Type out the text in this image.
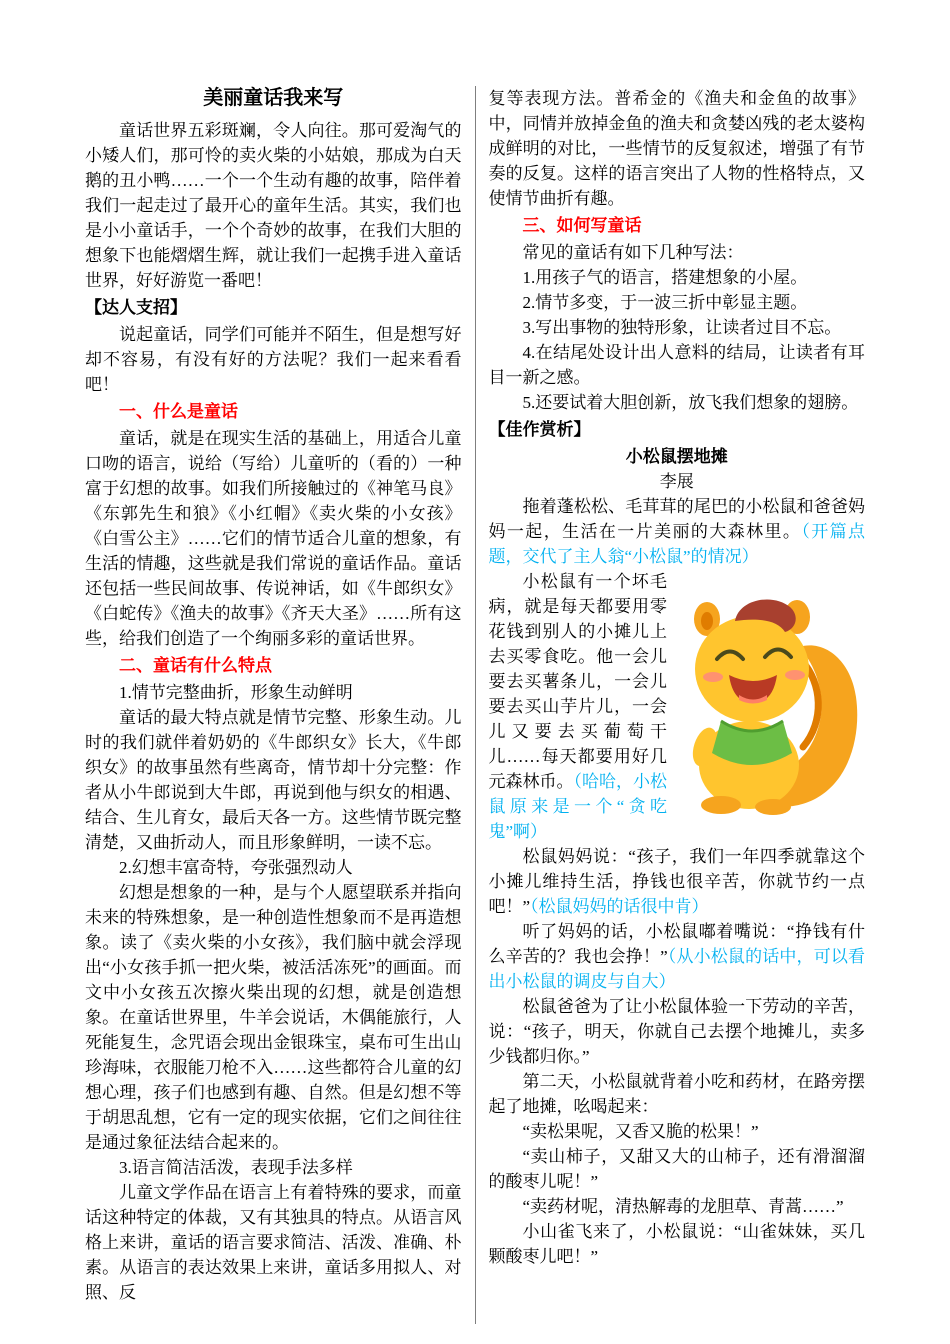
美丽童话我来写

童话世界五彩斑斓，令人向往。那可爱淘气的小矮人们，那可怜的卖火柴的小姑娘，那成为白天鹅的丑小鸭……一个一个生动有趣的故事，陪伴着我们一起走过了最开心的童年生活。其实，我们也是小小童话手，一个个奇妙的故事，在我们大胆的想象下也能熠熠生辉，就让我们一起携手进入童话世界，好好游览一番吧！

【达人支招】

说起童话，同学们可能并不陌生，但是想写好却不容易，有没有好的方法呢？我们一起来看看吧！

一、什么是童话

童话，就是在现实生活的基础上，用适合儿童口吻的语言，说给（写给）儿童听的（看的）一种富于幻想的故事。如我们所接触过的《神笔马良》《东郭先生和狼》《小红帽》《卖火柴的小女孩》《白雪公主》……它们的情节适合儿童的想象，有生活的情趣，这些就是我们常说的童话作品。童话还包括一些民间故事、传说神话，如《牛郎织女》《白蛇传》《渔夫的故事》《齐天大圣》……所有这些，给我们创造了一个绚丽多彩的童话世界。

二、童话有什么特点

1.情节完整曲折，形象生动鲜明

童话的最大特点就是情节完整、形象生动。儿时的我们就伴着奶奶的《牛郎织女》长大，《牛郎织女》的故事虽然有些离奇，情节却十分完整：作者从小牛郎说到大牛郎，再说到他与织女的相遇、结合、生儿育女，最后天各一方。这些情节既完整清楚，又曲折动人，而且形象鲜明，一读不忘。

2.幻想丰富奇特，夸张强烈动人

幻想是想象的一种，是与个人愿望联系并指向未来的特殊想象，是一种创造性想象而不是再造想象。读了《卖火柴的小女孩》，我们脑中就会浮现出“小女孩手抓一把火柴，被活活冻死”的画面。而文中小女孩五次擦火柴出现的幻想，就是创造想象。在童话世界里，牛羊会说话，木偶能旅行，人死能复生，念咒语会现出金银珠宝，桌布可生出山珍海味，衣服能刀枪不入……这些都符合儿童的幻想心理，孩子们也感到有趣、自然。但是幻想不等于胡思乱想，它有一定的现实依据，它们之间往往是通过象征法结合起来的。

3.语言简洁活泼，表现手法多样

儿童文学作品在语言上有着特殊的要求，而童话这种特定的体裁，又有其独具的特点。从语言风格上来讲，童话的语言要求简洁、活泼、准确、朴素。从语言的表达效果上来讲，童话多用拟人、对照、反

复等表现方法。普希金的《渔夫和金鱼的故事》中，同情并放掉金鱼的渔夫和贪婪凶残的老太婆构成鲜明的对比，一些情节的反复叙述，增强了有节奏的反复。这样的语言突出了人物的性格特点，又使情节曲折有趣。

三、如何写童话

常见的童话有如下几种写法：

1.用孩子气的语言，搭建想象的小屋。

2.情节多变，于一波三折中彰显主题。

3.写出事物的独特形象，让读者过目不忘。

4.在结尾处设计出人意料的结局，让读者有耳目一新之感。

5.还要试着大胆创新，放飞我们想象的翅膀。

【佳作赏析】
小松鼠摆地摊
李展

拖着蓬松松、毛茸茸的尾巴的小松鼠和爸爸妈妈一起，生活在一片美丽的大森林里。（开篇点题，交代了主人翁“小松鼠”的情况）

小松鼠有一个坏毛病，就是每天都要用零花钱到别人的小摊儿上去买零食吃。他一会儿要去买薯条儿，一会儿要去买山芋片儿，一会儿又要去买葡萄干儿……每天都要用好几元森林币。（哈哈，小松鼠原来是一个“贪吃鬼”啊）

松鼠妈妈说：“孩子，我们一年四季就靠这个小摊儿维持生活，挣钱也很辛苦，你就节约一点吧！”（松鼠妈妈的话很中肯）

听了妈妈的话，小松鼠嘟着嘴说：“挣钱有什么辛苦的？我也会挣！”（从小松鼠的话中，可以看出小松鼠的调皮与自大）

松鼠爸爸为了让小松鼠体验一下劳动的辛苦，说：“孩子，明天，你就自己去摆个地摊儿，卖多少钱都归你。”

第二天，小松鼠就背着小吃和药材，在路旁摆起了地摊，吆喝起来：

“卖松果呢，又香又脆的松果！”

“卖山柿子，又甜又大的山柿子，还有滑溜溜的酸枣儿呢！”

“卖药材呢，清热解毒的龙胆草、青蒿……”

小山雀飞来了，小松鼠说：“山雀妹妹，买几颗酸枣儿吧！”
